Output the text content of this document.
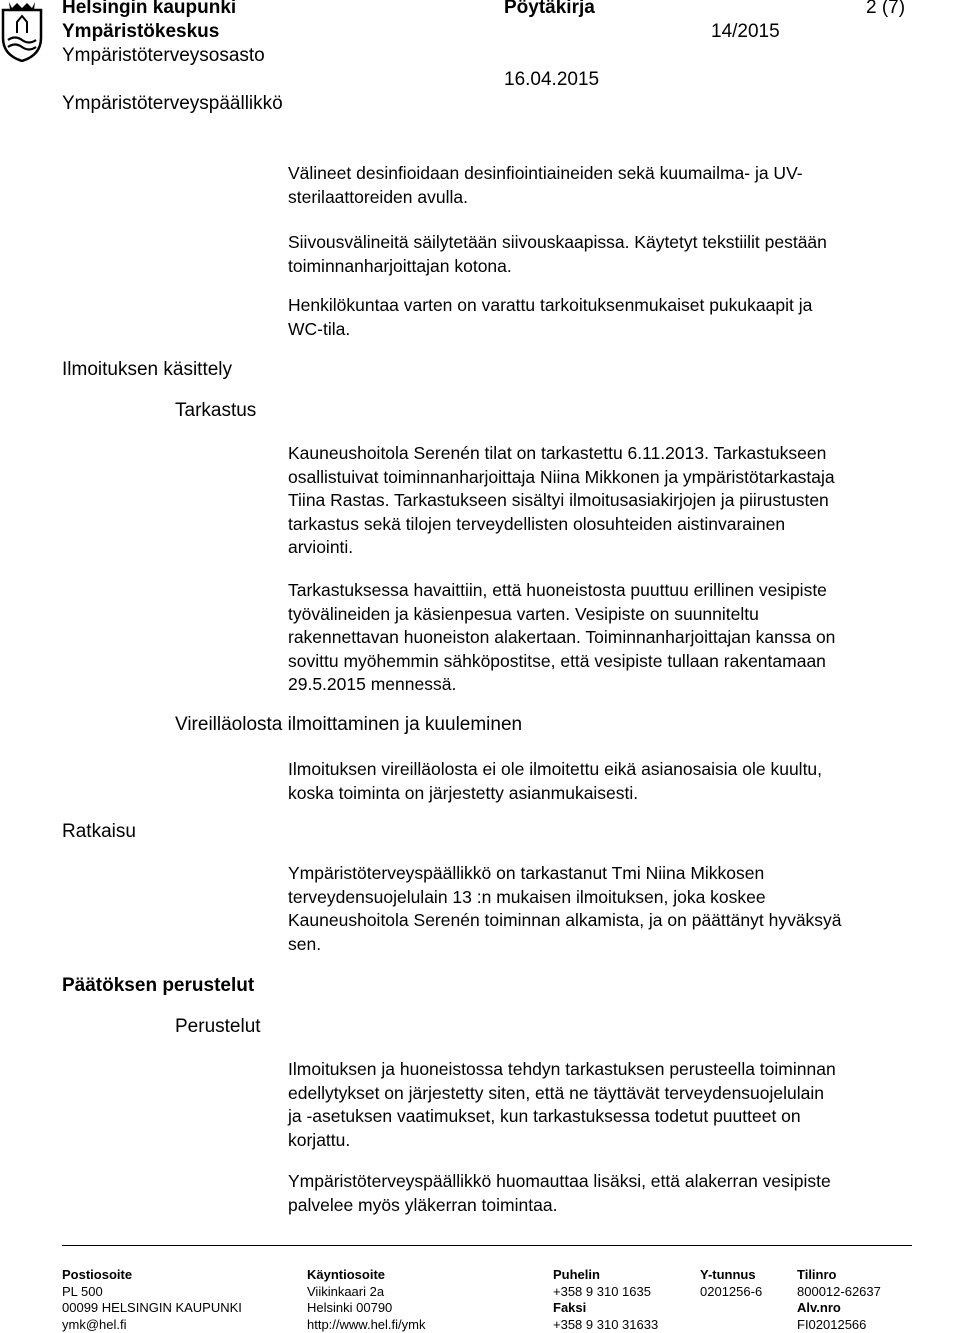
Helsingin kaupunki	Pöytäkirja	2 (7)
Ympäristökeskus	14/2015
Ympäristöterveysosasto
16.04.2015
Ympäristöterveyspäällikkö
Ilmoituksen käsittely
Tarkastus
Vireilläolosta ilmoittaminen ja kuuleminen
Ratkaisu
Päätöksen perustelut
Perustelut
Välineet desinfioidaan desinfiointiaineiden sekä kuumailma- ja UV-
sterilaattoreiden avulla.
Siivousvälineitä säilytetään siivouskaapissa. Käytetyt tekstiilit pestään
toiminnanharjoittajan kotona.
Henkilökuntaa varten on varattu tarkoituksenmukaiset pukukaapit ja
WC-tila.
Kauneushoitola Serenén tilat on tarkastettu 6.11.2013. Tarkastukseen
osallistuivat toiminnanharjoittaja Niina Mikkonen ja ympäristötarkastaja
Tiina Rastas. Tarkastukseen sisältyi ilmoitusasiakirjojen ja piirustusten
tarkastus sekä tilojen terveydellisten olosuhteiden aistinvarainen
arviointi.
Tarkastuksessa havaittiin, että huoneistosta puuttuu erillinen vesipiste
työvälineiden ja käsienpesua varten. Vesipiste on suunniteltu
rakennettavan huoneiston alakertaan. Toiminnanharjoittajan kanssa on
sovittu myöhemmin sähköpostitse, että vesipiste tullaan rakentamaan
29.5.2015 mennessä.
Ilmoituksen vireilläolosta ei ole ilmoitettu eikä asianosaisia ole kuultu,
koska toiminta on järjestetty asianmukaisesti.
Ympäristöterveyspäällikkö on tarkastanut Tmi Niina Mikkosen
terveydensuojelulain 13 :n mukaisen ilmoituksen, joka koskee
Kauneushoitola Serenén toiminnan alkamista, ja on päättänyt hyväksyä
sen.
Ilmoituksen ja huoneistossa tehdyn tarkastuksen perusteella toiminnan
edellytykset on järjestetty siten, että ne täyttävät terveydensuojelulain
ja -asetuksen vaatimukset, kun tarkastuksessa todetut puutteet on
korjattu.
Ympäristöterveyspäällikkö huomauttaa lisäksi, että alakerran vesipiste
palvelee myös yläkerran toimintaa.
Postiosoite
PL 500
00099 HELSINGIN KAUPUNKI
ymk@hel.fi
Käyntiosoite
Viikinkaari 2a
Helsinki 00790
http://www.hel.fi/ymk
Puhelin
+358 9 310 1635
Faksi
+358 9 310 31633
Y-tunnus
0201256-6
Tilinro
800012-62637
Alv.nro
FI02012566
